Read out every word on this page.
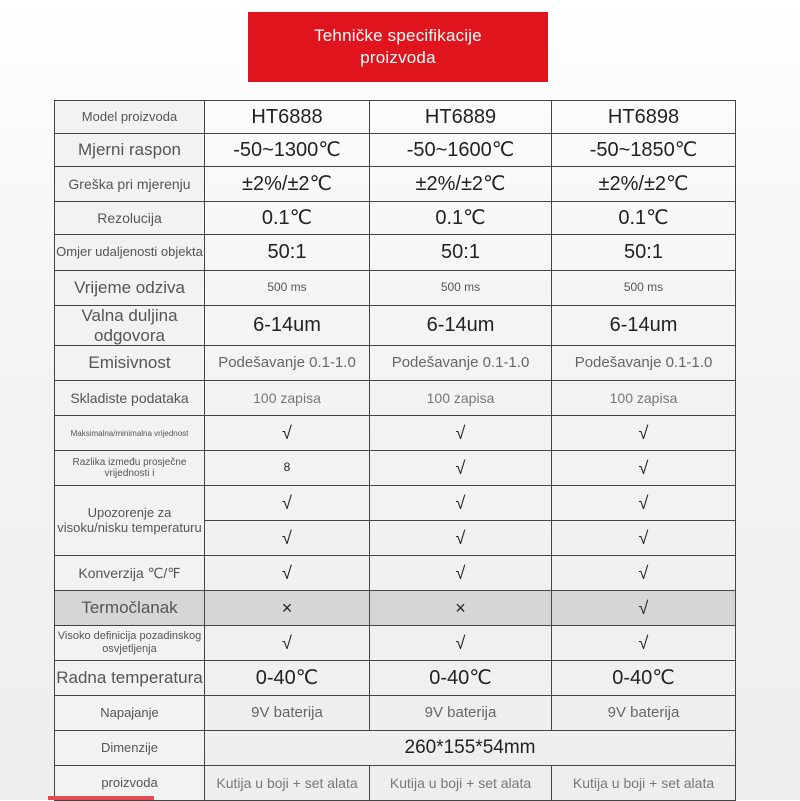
Tehničke specifikacije
proizvoda
Model proizvoda	HT6888	HT6889	HT6898
Mjerni raspon	-50~1300℃	-50~1600℃	-50~1850℃
Greška pri mjerenju	±2%/±2℃	±2%/±2℃	±2%/±2℃
Rezolucija	0.1℃	0.1℃	0.1℃
Omjer udaljenosti objekta	50:1	50:1	50:1
Vrijeme odziva	500 ms	500 ms	500 ms
Valna duljina odgovora	6-14um	6-14um	6-14um
Emisivnost	Podešavanje 0.1-1.0	Podešavanje 0.1-1.0	Podešavanje 0.1-1.0
Skladiste podataka	100 zapisa	100 zapisa	100 zapisa
Maksimalna/minimalna vrijednost	√	√	√
Razlika između prosječne vrijednosti i	8	√	√
Upozorenje za visoku/nisku temperaturu	√	√	√
	√	√	√
Konverzija ℃/℉	√	√	√
Termočlanak	×	×	√
Visoko definicija pozadinskog osvjetljenja	√	√	√
Radna temperatura	0-40℃	0-40℃	0-40℃
Napajanje	9V baterija	9V baterija	9V baterija
Dimenzije	260*155*54mm		
proizvoda	Kutija u boji + set alata	Kutija u boji + set alata	Kutija u boji + set alata
